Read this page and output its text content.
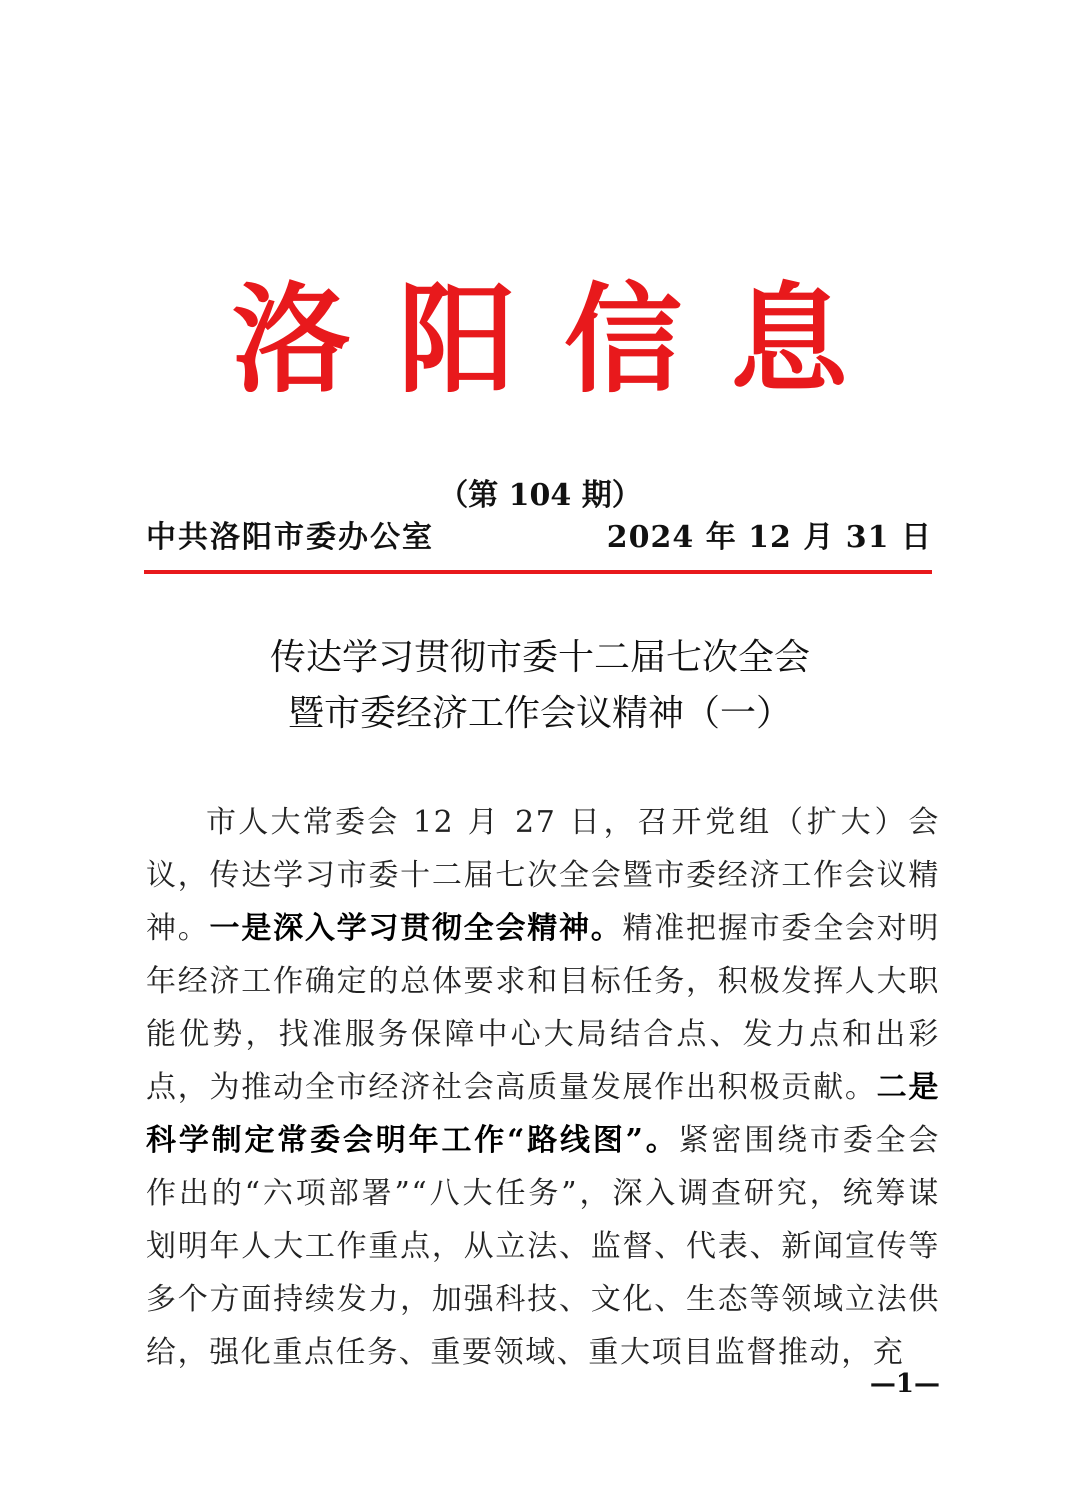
洛阳信息
（第 104 期）
中共洛阳市委办公室	2024 年 12 月 31 日
传达学习贯彻市委十二届七次全会
暨市委经济工作会议精神（一）
市人大常委会 12 月 27 日，召开党组（扩大）会议，传达学习市委十二届七次全会暨市委经济工作会议精神。一是深入学习贯彻全会精神。精准把握市委全会对明年经济工作确定的总体要求和目标任务，积极发挥人大职能优势，找准服务保障中心大局结合点、发力点和出彩点，为推动全市经济社会高质量发展作出积极贡献。二是科学制定常委会明年工作“路线图”。紧密围绕市委全会作出的“六项部署”“八大任务”，深入调查研究，统筹谋划明年人大工作重点，从立法、监督、代表、新闻宣传等多个方面持续发力，加强科技、文化、生态等领域立法供给，强化重点任务、重要领域、重大项目监督推动，充
—1—
